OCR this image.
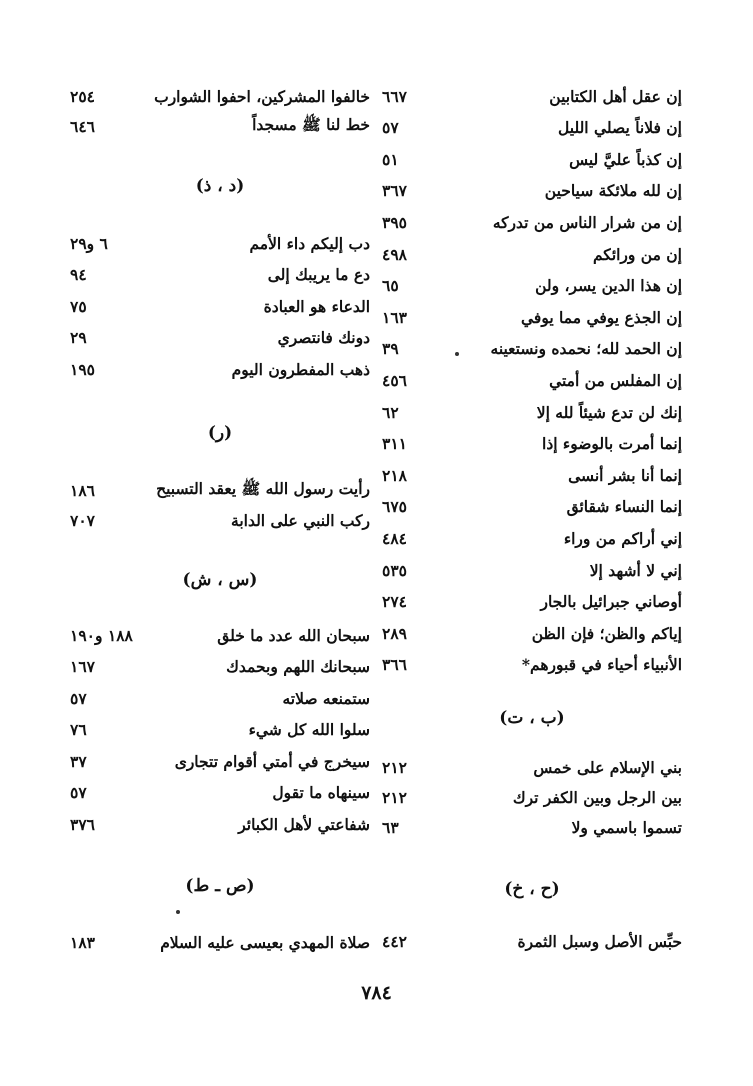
إن عقل أهل الكتابين
٦٦٧
إن فلاناً يصلي الليل
٥٧
إن كذباً عليَّ ليس
٥١
إن لله ملائكة سياحين
٣٦٧
إن من شرار الناس من تدركه
٣٩٥
إن من ورائكم
٤٩٨
إن هذا الدين يسر، ولن
٦٥
إن الجذع يوفي مما يوفي
١٦٣
إن الحمد لله؛ نحمده ونستعينه
٣٩
إن المفلس من أمتي
٤٥٦
إنك لن تدع شيئاً لله إلا
٦٢
إنما أمرت بالوضوء إذا
٣١١
إنما أنا بشر أنسى
٢١٨
إنما النساء شقائق
٦٧٥
إني أراكم من وراء
٤٨٤
إني لا أشهد إلا
٥٣٥
أوصاني جبرائيل بالجار
٢٧٤
إياكم والظن؛ فإن الظن
٢٨٩
الأنبياء أحياء في قبورهم*
٣٦٦
(ب ، ت)
بني الإسلام على خمس
٢١٢
بين الرجل وبين الكفر ترك
٢١٢
تسموا باسمي ولا
٦٣
(ح ، خ)
حبِّس الأصل وسبل الثمرة
٤٤٢
خالفوا المشركين، احفوا الشوارب
٢٥٤
خط لنا ﷺ مسجداً
٦٤٦
(د ، ذ)
دب إليكم داء الأمم
٦ و٢٩
دع ما يريبك إلى
٩٤
الدعاء هو العبادة
٧٥
دونك فانتصري
٢٩
ذهب المفطرون اليوم
١٩٥
(ر)
رأيت رسول الله ﷺ يعقد التسبيح
١٨٦
ركب النبي على الدابة
٧٠٧
(س ، ش)
سبحان الله عدد ما خلق
١٨٨ و١٩٠
سبحانك اللهم وبحمدك
١٦٧
ستمنعه صلاته
٥٧
سلوا الله كل شيء
٧٦
سيخرج في أمتي أقوام تتجارى
٣٧
سينهاه ما تقول
٥٧
شفاعتي لأهل الكبائر
٣٧٦
(ص ـ ط)
صلاة المهدي بعيسى عليه السلام
١٨٣
٧٨٤
